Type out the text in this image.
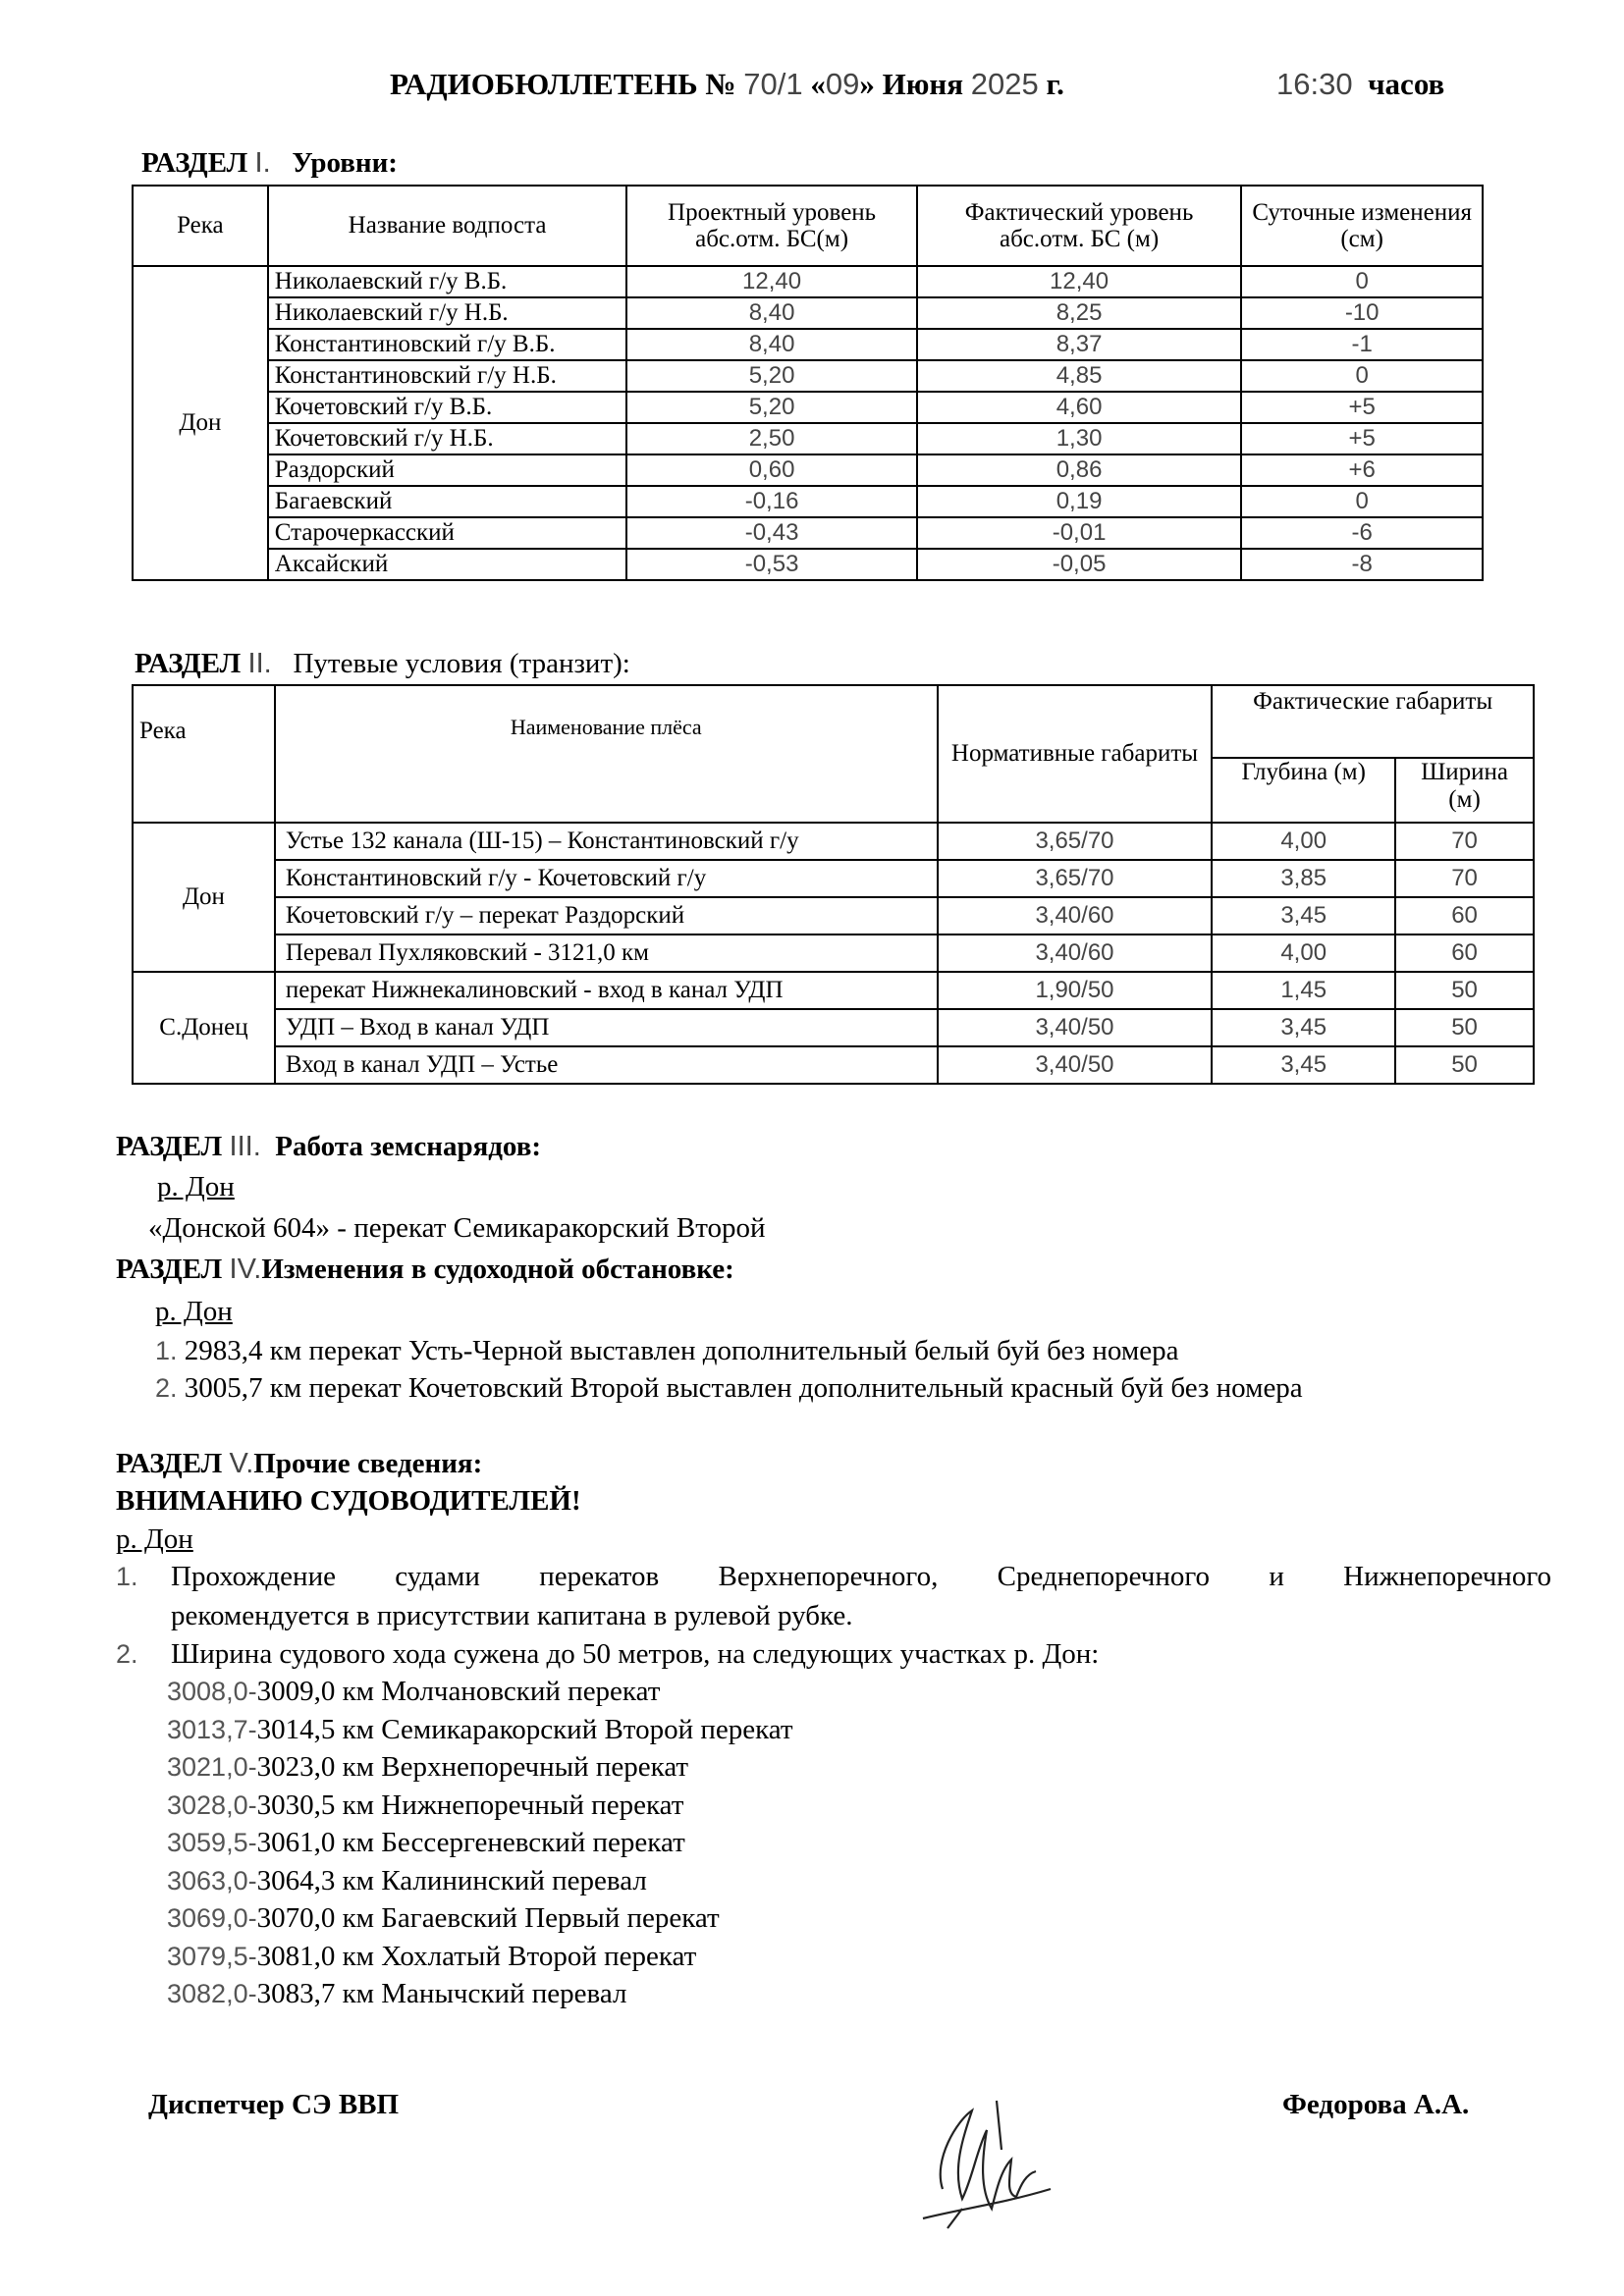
РАДИОБЮЛЛЕТЕНЬ № 70/1 «09» Июня 2025 г.	16:30 часов
РАЗДЕЛ I. Уровни:
Река	Название водпоста	Проектный уровень абс.отм. БС(м)	Фактический уровень абс.отм. БС (м)	Суточные изменения (см)
Дон	Николаевский г/у В.Б.	12,40	12,40	0
	Николаевский г/у Н.Б.	8,40	8,25	-10
	Константиновский г/у В.Б.	8,40	8,37	-1
	Константиновский г/у Н.Б.	5,20	4,85	0
	Кочетовский г/у В.Б.	5,20	4,60	+5
	Кочетовский г/у Н.Б.	2,50	1,30	+5
	Раздорский	0,60	0,86	+6
	Багаевский	-0,16	0,19	0
	Старочеркасский	-0,43	-0,01	-6
	Аксайский	-0,53	-0,05	-8
РАЗДЕЛ II. Путевые условия (транзит):
Река	Наименование плёса	Нормативные габариты	Фактические габариты	
			Глубина (м)	Ширина (м)
Дон	Устье 132 канала (Ш-15) – Константиновский г/у	3,65/70	4,00	70
	Константиновский г/у - Кочетовский г/у	3,65/70	3,85	70
	Кочетовский г/у – перекат Раздорский	3,40/60	3,45	60
	Перевал Пухляковский - 3121,0 км	3,40/60	4,00	60
С.Донец	перекат Нижнекалиновский - вход в канал УДП	1,90/50	1,45	50
	УДП – Вход в канал УДП	3,40/50	3,45	50
	Вход в канал УДП – Устье	3,40/50	3,45	50
РАЗДЕЛ III. Работа земснарядов:
р. Дон
«Донской 604» - перекат Семикаракорский Второй
РАЗДЕЛ IV.Изменения в судоходной обстановке:
р. Дон
1. 2983,4 км перекат Усть-Черной выставлен дополнительный белый буй без номера
2. 3005,7 км перекат Кочетовский Второй выставлен дополнительный красный буй без номера
РАЗДЕЛ V.Прочие сведения:
ВНИМАНИЮ СУДОВОДИТЕЛЕЙ!
р. Дон
1. Прохождение судами перекатов Верхнепоречного, Среднепоречного и Нижнепоречного
рекомендуется в присутствии капитана в рулевой рубке.
2. Ширина судового хода сужена до 50 метров, на следующих участках р. Дон:
3008,0-3009,0 км Молчановский перекат
3013,7-3014,5 км Семикаракорский Второй перекат
3021,0-3023,0 км Верхнепоречный перекат
3028,0-3030,5 км Нижнепоречный перекат
3059,5-3061,0 км Бессергеневский перекат
3063,0-3064,3 км Калининский перевал
3069,0-3070,0 км Багаевский Первый перекат
3079,5-3081,0 км Хохлатый Второй перекат
3082,0-3083,7 км Манычский перевал
Диспетчер СЭ ВВП	Федорова А.А.
